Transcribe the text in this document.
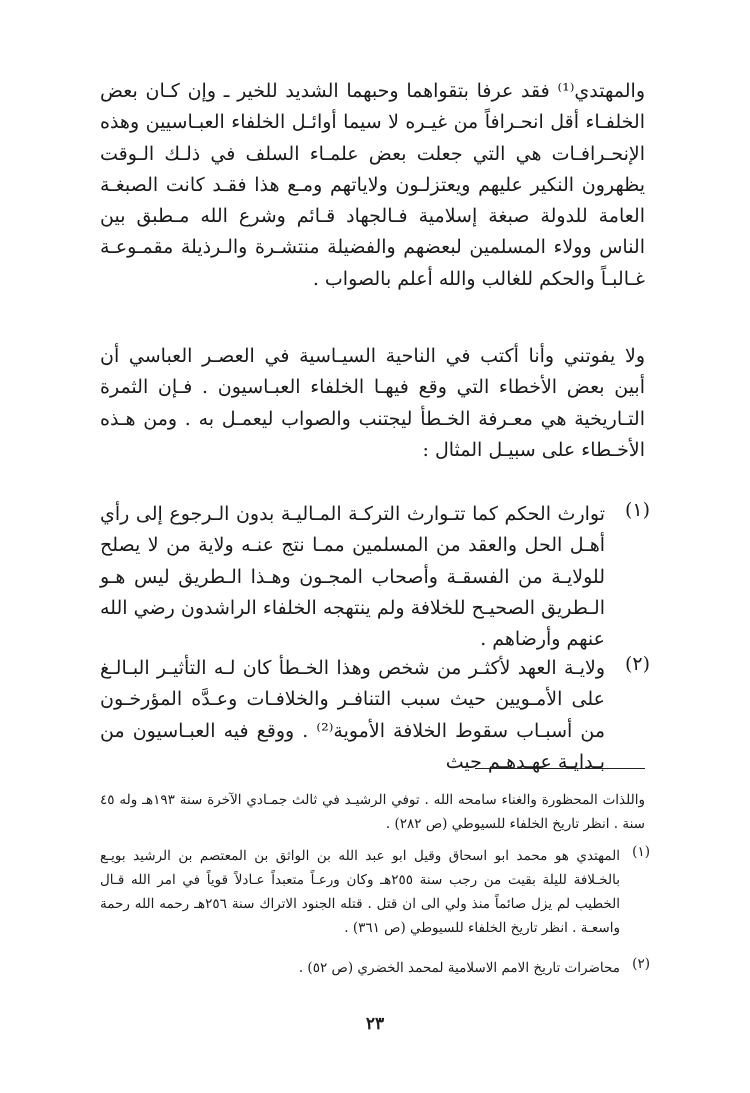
والمهتدي⁽¹⁾ فقد عرفا بتقواهما وحبهما الشديد للخير ـ وإن كـان بعض الخلفـاء أقل انحـرافاً من غيـره لا سيما أوائـل الخلفاء العبـاسيين وهذه الإنحـرافـات هي التي جعلت بعض علمـاء السلف في ذلـك الـوقت يظهرون النكير عليهم ويعتزلـون ولاياتهم ومـع هذا فقـد كانت الصبغـة العامة للدولة صبغة إسلامية فـالجهاد قـائم وشرع الله مـطبق بين الناس وولاء المسلمين لبعضهم والفضيلة منتشـرة والـرذيلة مقمـوعـة غـالبـاً والحكم للغالب والله أعلم بالصواب .

ولا يفوتني وأنا أكتب في الناحية السيـاسية في العصـر العباسي أن أبين بعض الأخطاء التي وقع فيهـا الخلفاء العبـاسيون . فـإن الثمرة التـاريخية هي معـرفة الخـطأ ليجتنب والصواب ليعمـل به . ومن هـذه الأخـطاء على سبيـل المثال :

(١)

توارث الحكم كما تتـوارث التركـة المـاليـة بدون الـرجوع إلى رأي أهـل الحل والعقد من المسلمين ممـا نتج عنـه ولاية من لا يصلح للولايـة من الفسقـة وأصحاب المجـون وهـذا الـطريق ليس هـو الـطريق الصحيـح للخلافة ولم ينتهجه الخلفاء الراشدون رضي الله عنهم وأرضاهم .

(٢)

ولايـة العهد لأكثـر من شخص وهذا الخـطأ كان لـه التأثيـر البـالـغ على الأمـويين حيث سبب التنافـر والخلافـات وعـدَّه المؤرخـون من أسبـاب سقوط الخلافة الأموية⁽²⁾ . ووقع فيه العبـاسيون من بـدايـة عهـدهـم حيث

واللذات المحظورة والغناء سامحه الله . توفي الرشيـد في ثالث جمـادي الآخرة سنة ١٩٣هـ وله ٤٥ سنة . انظر تاريخ الخلفاء للسيوطي (ص ٢٨٢) .

(١)

المهتدي هو محمد ابو اسحاق وقيل ابو عبد الله بن الواثق بن المعتصم بن الرشيد بويـع بالخـلافة لليلة بقيت من رجب سنة ٢٥٥هـ وكان ورعـاً متعبداً عـادلاً قوياً في امر الله قـال الخطيب لم يزل صائماً منذ ولي الى ان قتل . قتله الجنود الاتراك سنة ٢٥٦هـ رحمه الله رحمة واسعـة . انظر تاريخ الخلفاء للسيوطي (ص ٣٦١) .

(٢)

محاضرات تاريخ الامم الاسلامية لمحمد الخضري (ص ٥٢) .

٢٣
